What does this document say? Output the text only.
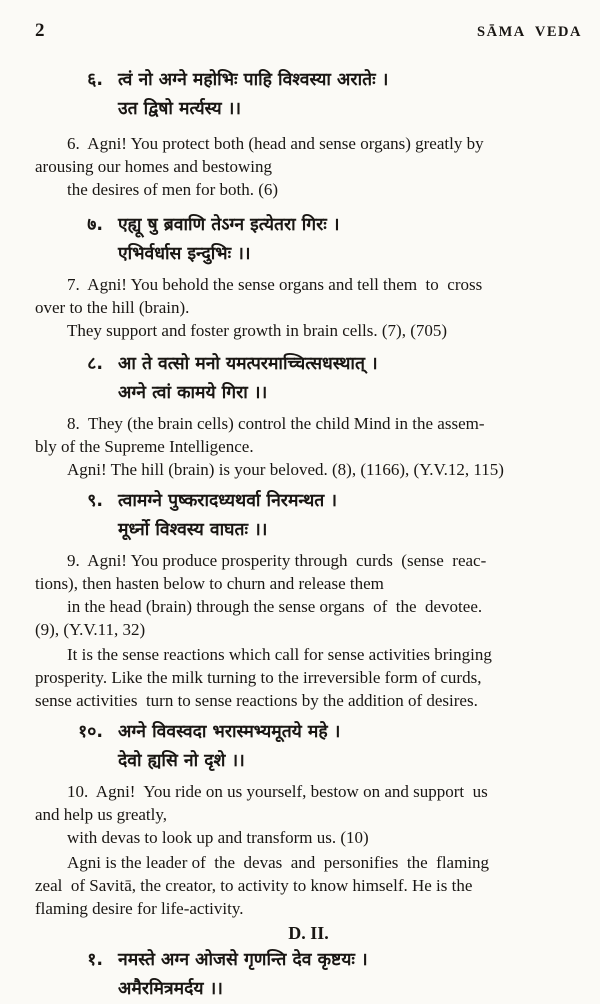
2	SĀMA  VEDA
६. त्वं नो अग्ने महोभिः पाहि विश्वस्या अरातेः ।
उत द्विषो मर्त्यस्य ।।
6.  Agni! You protect both (head and sense organs) greatly by
arousing our homes and bestowing
the desires of men for both. (6)
७. एह्यू षु ब्रवाणि तेऽग्न इत्येतरा गिरः ।
एभिर्वर्धास इन्दुभिः ।।
7.  Agni! You behold the sense organs and tell them  to  cross
over to the hill (brain).
They support and foster growth in brain cells. (7), (705)
८. आ ते वत्सो मनो यमत्परमाच्चित्सधस्थात् ।
अग्ने त्वां कामये गिरा ।।
8.  They (the brain cells) control the child Mind in the assem-
bly of the Supreme Intelligence.
Agni! The hill (brain) is your beloved. (8), (1166), (Y.V.12, 115)
९. त्वामग्ने पुष्करादध्यथर्वा निरमन्थत ।
मूर्ध्नो विश्वस्य वाघतः ।।
9.  Agni! You produce prosperity through  curds  (sense  reac-
tions), then hasten below to churn and release them
in the head (brain) through the sense organs  of  the  devotee.
(9), (Y.V.11, 32)
It is the sense reactions which call for sense activities bringing
prosperity. Like the milk turning to the irreversible form of curds,
sense activities  turn to sense reactions by the addition of desires.
१०. अग्ने विवस्वदा भरास्मभ्यमूतये महे ।
देवो ह्यसि नो दृशे ।।
10.  Agni!  You ride on us yourself, bestow on and support  us
and help us greatly,
with devas to look up and transform us. (10)
Agni is the leader of  the  devas  and  personifies  the  flaming
zeal  of Savitā, the creator, to activity to know himself. He is the
flaming desire for life-activity.
D. II.
१. नमस्ते अग्न ओजसे गृणन्ति देव कृष्टयः ।
अमैरमित्रमर्दय ।।
